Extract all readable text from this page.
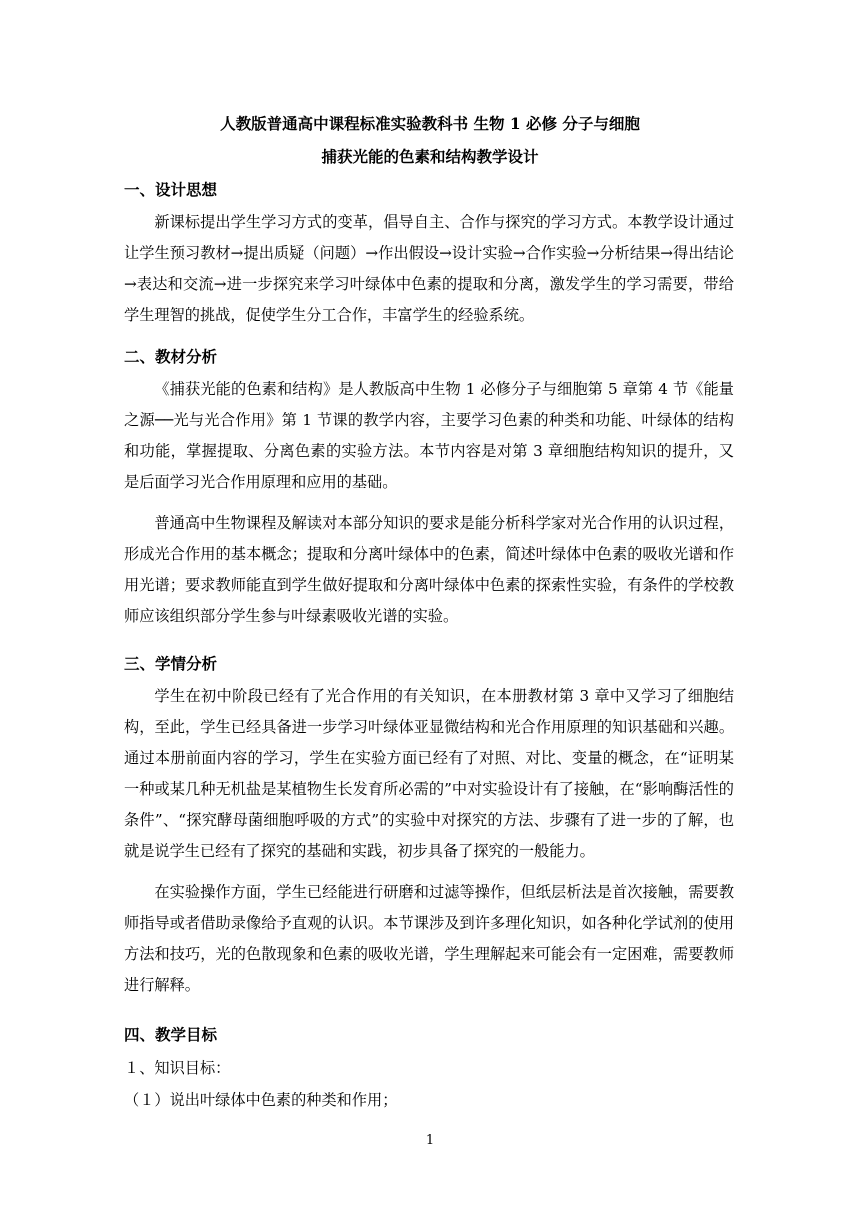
人教版普通高中课程标准实验教科书 生物 1 必修 分子与细胞
捕获光能的色素和结构教学设计
一、设计思想

新课标提出学生学习方式的变革，倡导自主、合作与探究的学习方式。本教学设计通过让学生预习教材→提出质疑（问题）→作出假设→设计实验→合作实验→分析结果→得出结论→表达和交流→进一步探究来学习叶绿体中色素的提取和分离，激发学生的学习需要，带给学生理智的挑战，促使学生分工合作，丰富学生的经验系统。

二、教材分析

《捕获光能的色素和结构》是人教版高中生物 1 必修分子与细胞第 5 章第 4 节《能量之源──光与光合作用》第 1 节课的教学内容，主要学习色素的种类和功能、叶绿体的结构和功能，掌握提取、分离色素的实验方法。本节内容是对第 3 章细胞结构知识的提升，又是后面学习光合作用原理和应用的基础。

普通高中生物课程及解读对本部分知识的要求是能分析科学家对光合作用的认识过程，形成光合作用的基本概念；提取和分离叶绿体中的色素，简述叶绿体中色素的吸收光谱和作用光谱；要求教师能直到学生做好提取和分离叶绿体中色素的探索性实验，有条件的学校教师应该组织部分学生参与叶绿素吸收光谱的实验。

三、学情分析

学生在初中阶段已经有了光合作用的有关知识，在本册教材第 3 章中又学习了细胞结构，至此，学生已经具备进一步学习叶绿体亚显微结构和光合作用原理的知识基础和兴趣。通过本册前面内容的学习，学生在实验方面已经有了对照、对比、变量的概念，在“证明某一种或某几种无机盐是某植物生长发育所必需的”中对实验设计有了接触，在“影响酶活性的条件”、“探究酵母菌细胞呼吸的方式”的实验中对探究的方法、步骤有了进一步的了解，也就是说学生已经有了探究的基础和实践，初步具备了探究的一般能力。

在实验操作方面，学生已经能进行研磨和过滤等操作，但纸层析法是首次接触，需要教师指导或者借助录像给予直观的认识。本节课涉及到许多理化知识，如各种化学试剂的使用方法和技巧，光的色散现象和色素的吸收光谱，学生理解起来可能会有一定困难，需要教师进行解释。

四、教学目标
１、知识目标：
（１）说出叶绿体中色素的种类和作用；
1
